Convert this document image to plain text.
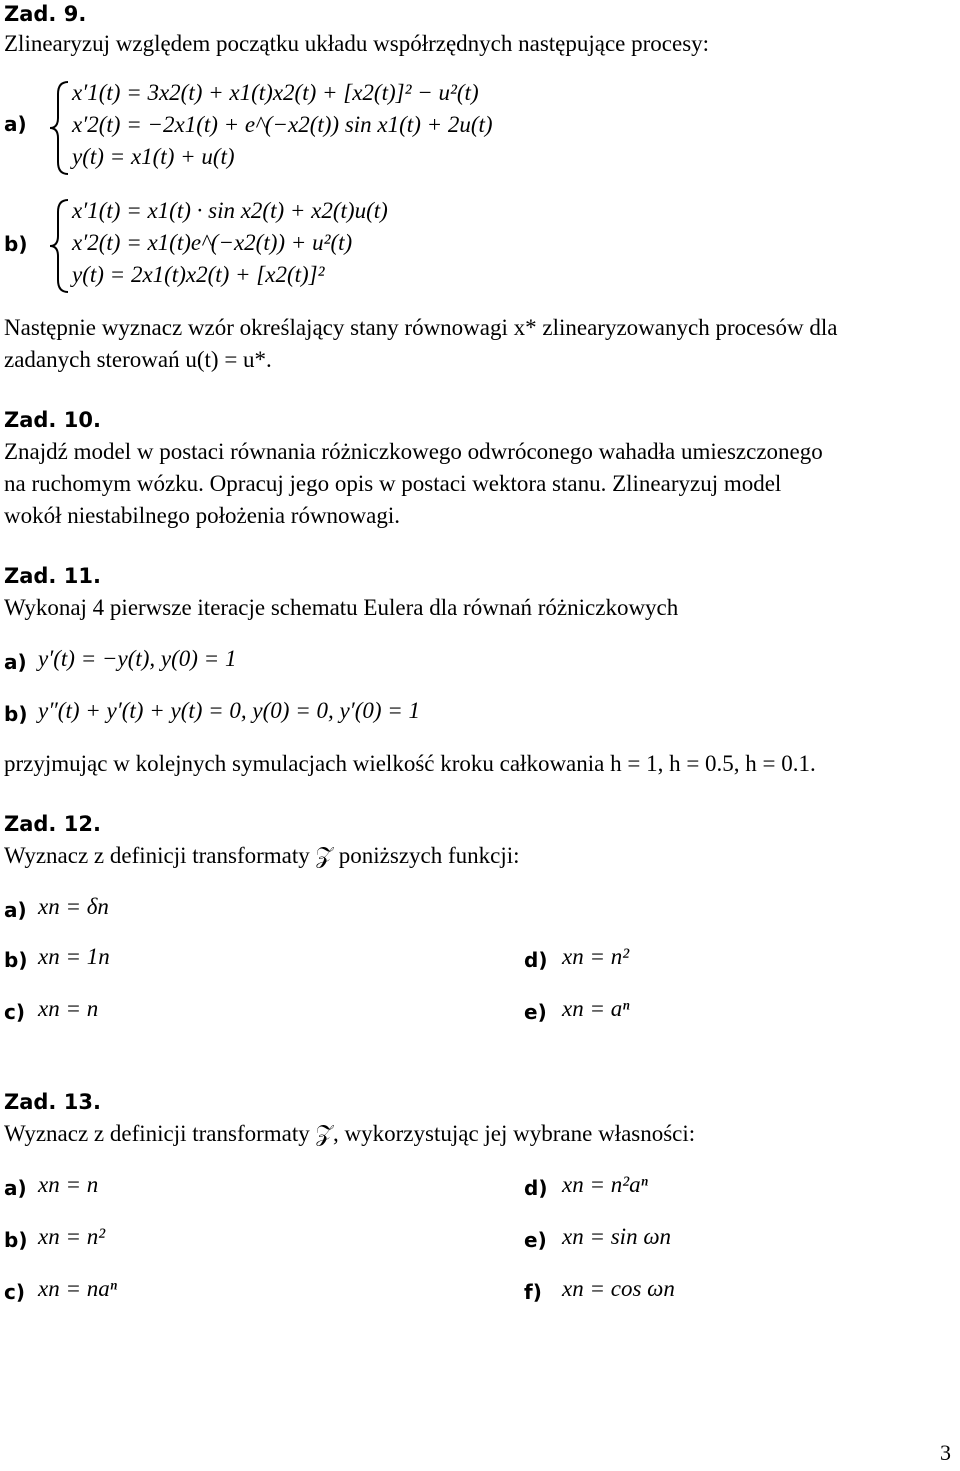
Zad. 9.
Zlinearyzuj względem początku układu współrzędnych następujące procesy:
a)
x′1(t) = 3x2(t) + x1(t)x2(t) + [x2(t)]² − u²(t)
x′2(t) = −2x1(t) + e^(−x2(t)) sin x1(t) + 2u(t)
y(t) = x1(t) + u(t)
b)
x′1(t) = x1(t) · sin x2(t) + x2(t)u(t)
x′2(t) = x1(t)e^(−x2(t)) + u²(t)
y(t) = 2x1(t)x2(t) + [x2(t)]²
Następnie wyznacz wzór określający stany równowagi x* zlinearyzowanych procesów dla
zadanych sterowań u(t) = u*.
Zad. 10.
Znajdź model w postaci równania różniczkowego odwróconego wahadła umieszczonego
na ruchomym wózku. Opracuj jego opis w postaci wektora stanu. Zlinearyzuj model
wokół niestabilnego położenia równowagi.
Zad. 11.
Wykonaj 4 pierwsze iteracje schematu Eulera dla równań różniczkowych
a) y′(t) = −y(t), y(0) = 1
b) y″(t) + y′(t) + y(t) = 0, y(0) = 0, y′(0) = 1
przyjmując w kolejnych symulacjach wielkość kroku całkowania h = 1, h = 0.5, h = 0.1.
Zad. 12.
Wyznacz z definicji transformaty 𝒵 poniższych funkcji:
a) xn = δn
b) xn = 1n
c) xn = n
d) xn = n²
e) xn = aⁿ
Zad. 13.
Wyznacz z definicji transformaty 𝒵, wykorzystując jej wybrane własności:
a) xn = n
b) xn = n²
c) xn = naⁿ
d) xn = n²aⁿ
e) xn = sin ωn
f) xn = cos ωn
3
